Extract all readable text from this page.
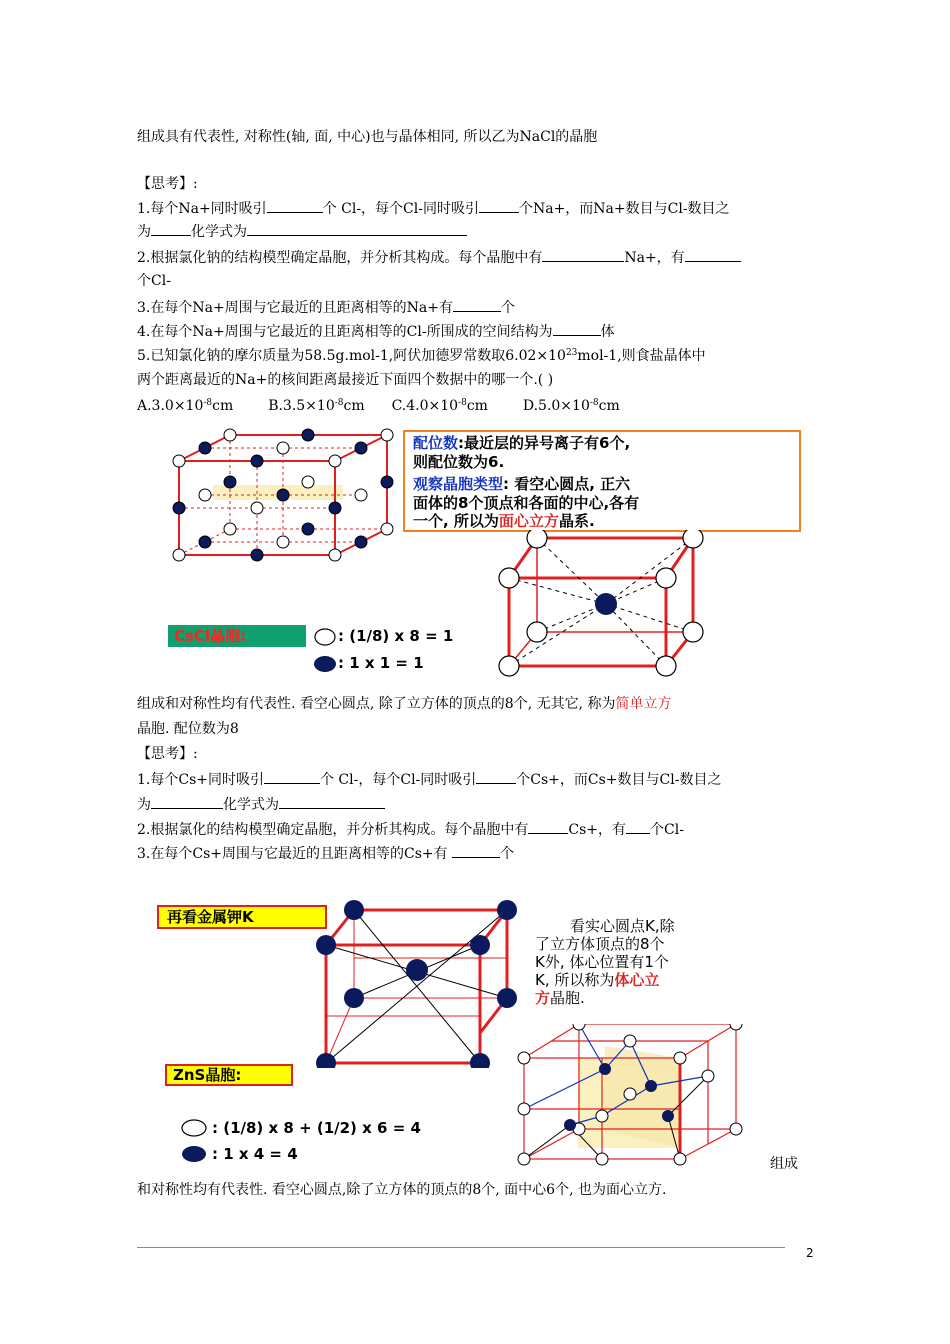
组成具有代表性, 对称性(轴, 面, 中心)也与晶体相同, 所以乙为NaCl的晶胞
【思考】:
1.每个Na+同时吸引	个 Cl-，每个Cl-同时吸引	个Na+，而Na+数目与Cl-数目之
为	化学式为
2.根据氯化钠的结构模型确定晶胞，并分析其构成。每个晶胞中有	Na+，有
个Cl-
3.在每个Na+周围与它最近的且距离相等的Na+有	个
4.在每个Na+周围与它最近的且距离相等的Cl-所围成的空间结构为	体
5.已知氯化钠的摩尔质量为58.5g.mol-1,阿伏加德罗常数取$6.02\times 10^{23}mol-1$,则食盐晶体中
两个距离最近的Na+的核间距离最接近下面四个数据中的哪一个.( )
$A.3.0\times 10^{-8}cm$ $B.3.5\times 10^{-8}cm$ $C.4.0\times 10^{-8}cm$ $D.5.0\times 10^{-8}cm$
配位数:最近层的异号离子有6个,
则配位数为6.
观察晶胞类型: 看空心圆点, 正六
面体的8个顶点和各面的中心,各有
一个, 所以为面心立方晶系.
CsCl晶胞:	: (1/8) x 8 = 1
: 1 x 1 = 1
组成和对称性均有代表性. 看空心圆点, 除了立方体的顶点的8个, 无其它, 称为简单立方
晶胞. 配位数为8
【思考】:
1.每个Cs+同时吸引	个 Cl-，每个Cl-同时吸引	个Cs+，而Cs+数目与Cl-数目之
为	化学式为
2.根据氯化的结构模型确定晶胞，并分析其构成。每个晶胞中有	Cs+，有 个Cl-
3.在每个Cs+周围与它最近的且距离相等的Cs+有	个
再看金属钾K	看实心圆点K,除
了立方体顶点的8个
K外, 体心位置有1个
K, 所以称为体心立
方晶胞.
ZnS晶胞:
: (1/8) x 8 + (1/2) x 6 = 4
: 1 x 4 = 4
组成
和对称性均有代表性. 看空心圆点,除了立方体的顶点的8个, 面中心6个, 也为面心立方.
2
